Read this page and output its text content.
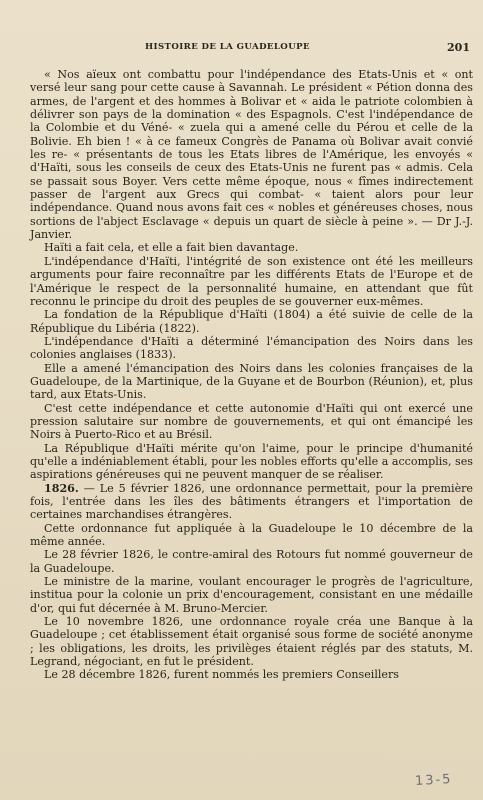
HISTOIRE DE LA GUADELOUPE	201

« Nos aïeux ont combattu pour l'indépendance des Etats-Unis et « ont versé leur sang pour cette cause à Savannah. Le président « Pétion donna des armes, de l'argent et des hommes à Bolivar et « aida le patriote colombien à délivrer son pays de la domination « des Espagnols. C'est l'indépendance de la Colombie et du Véné- « zuela qui a amené celle du Pérou et celle de la Bolivie. Eh bien ! « à ce fameux Congrès de Panama où Bolivar avait convié les re- « présentants de tous les Etats libres de l'Amérique, les envoyés « d'Haïti, sous les conseils de ceux des Etats-Unis ne furent pas « admis. Cela se passait sous Boyer. Vers cette même époque, nous « fîmes indirectement passer de l'argent aux Grecs qui combat- « taient alors pour leur indépendance. Quand nous avons fait ces « nobles et généreuses choses, nous sortions de l'abject Esclavage « depuis un quart de siècle à peine ». — Dr J.-J. Janvier.

Haïti a fait cela, et elle a fait bien davantage.

L'indépendance d'Haïti, l'intégrité de son existence ont été les meilleurs arguments pour faire reconnaître par les différents Etats de l'Europe et de l'Amérique le respect de la personnalité humaine, en attendant que fût reconnu le principe du droit des peuples de se gouverner eux-mêmes.

La fondation de la République d'Haïti (1804) a été suivie de celle de la République du Libéria (1822).

L'indépendance d'Haïti a déterminé l'émancipation des Noirs dans les colonies anglaises (1833).

Elle a amené l'émancipation des Noirs dans les colonies françaises de la Guadeloupe, de la Martinique, de la Guyane et de Bourbon (Réunion), et, plus tard, aux Etats-Unis.

C'est cette indépendance et cette autonomie d'Haïti qui ont exercé une pression salutaire sur nombre de gouvernements, et qui ont émancipé les Noirs à Puerto-Rico et au Brésil.

La République d'Haïti mérite qu'on l'aime, pour le principe d'humanité qu'elle a indéniablement établi, pour les nobles efforts qu'elle a accomplis, ses aspirations généreuses qui ne peuvent manquer de se réaliser.

1826. — Le 5 février 1826, une ordonnance permettait, pour la première fois, l'entrée dans les îles des bâtiments étrangers et l'importation de certaines marchandises étrangères.

Cette ordonnance fut appliquée à la Guadeloupe le 10 décembre de la même année.

Le 28 février 1826, le contre-amiral des Rotours fut nommé gouverneur de la Guadeloupe.

Le ministre de la marine, voulant encourager le progrès de l'agriculture, institua pour la colonie un prix d'encouragement, consistant en une médaille d'or, qui fut décernée à M. Bruno-Mercier.

Le 10 novembre 1826, une ordonnance royale créa une Banque à la Guadeloupe ; cet établissement était organisé sous forme de société anonyme ; les obligations, les droits, les privilèges étaient réglés par des statuts, M. Legrand, négociant, en fut le président.

Le 28 décembre 1826, furent nommés les premiers Conseillers

13-5
